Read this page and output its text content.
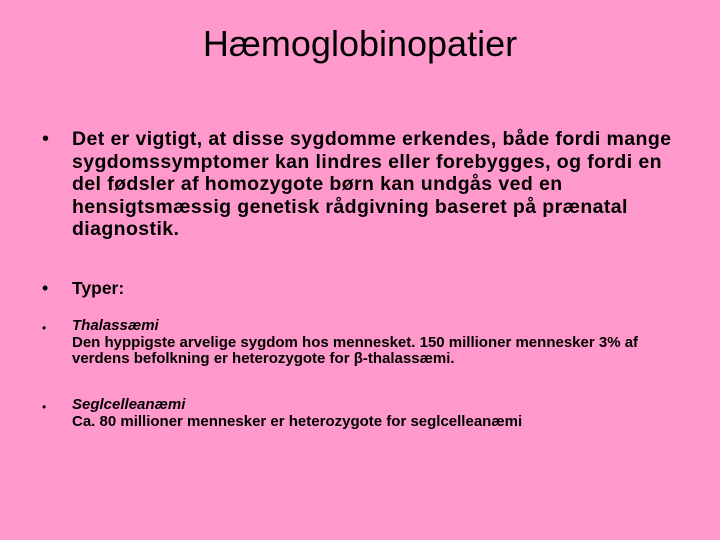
Hæmoglobinopatier
• Det er vigtigt, at disse sygdomme erkendes, både fordi mange sygdomssymptomer kan lindres eller forebygges, og fordi en del fødsler af homozygote børn kan undgås ved en hensigtsmæssig genetisk rådgivning baseret på prænatal diagnostik.
• Typer:
• Thalassæmi
Den hyppigste arvelige sygdom hos mennesket. 150 millioner mennesker 3% af verdens befolkning er heterozygote for β-thalassæmi.
• Seglcelleanæmi
Ca. 80 millioner mennesker er heterozygote for seglcelleanæmi
